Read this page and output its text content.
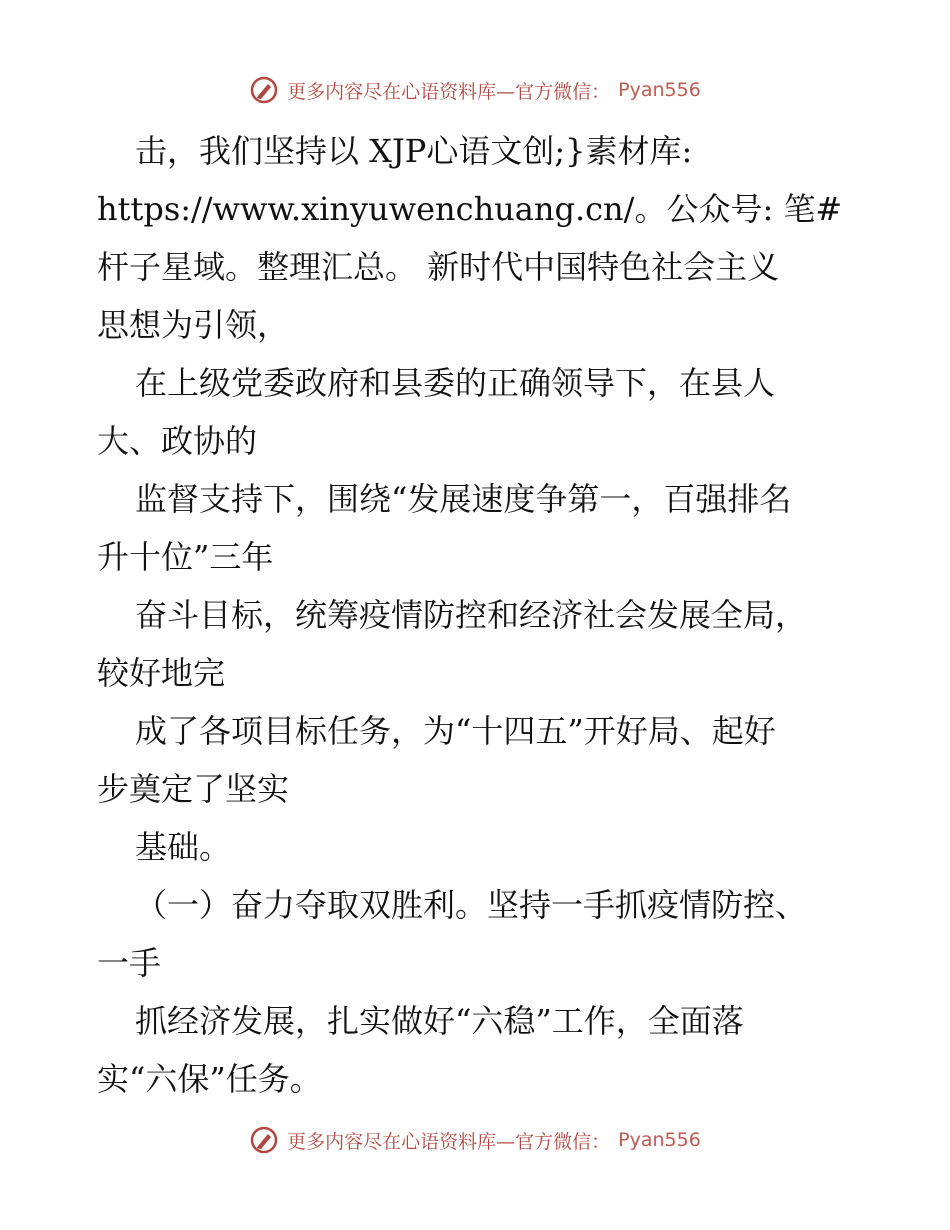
更多内容尽在心语资料库—官方微信： Pyan556
击，我们坚持以 XJP心语文创;}素材库:
https://www.xinyuwenchuang.cn/。公众号: 笔#
杆子星域。整理汇总。 新时代中国特色社会主义
思想为引领，
在上级党委政府和县委的正确领导下，在县人
大、政协的
监督支持下，围绕“发展速度争第一，百强排名
升十位”三年
奋斗目标，统筹疫情防控和经济社会发展全局，
较好地完
成了各项目标任务，为“十四五”开好局、起好
步奠定了坚实
基础。
（一）奋力夺取双胜利。坚持一手抓疫情防控、
一手
抓经济发展，扎实做好“六稳”工作，全面落
实“六保”任务。
更多内容尽在心语资料库—官方微信： Pyan556
